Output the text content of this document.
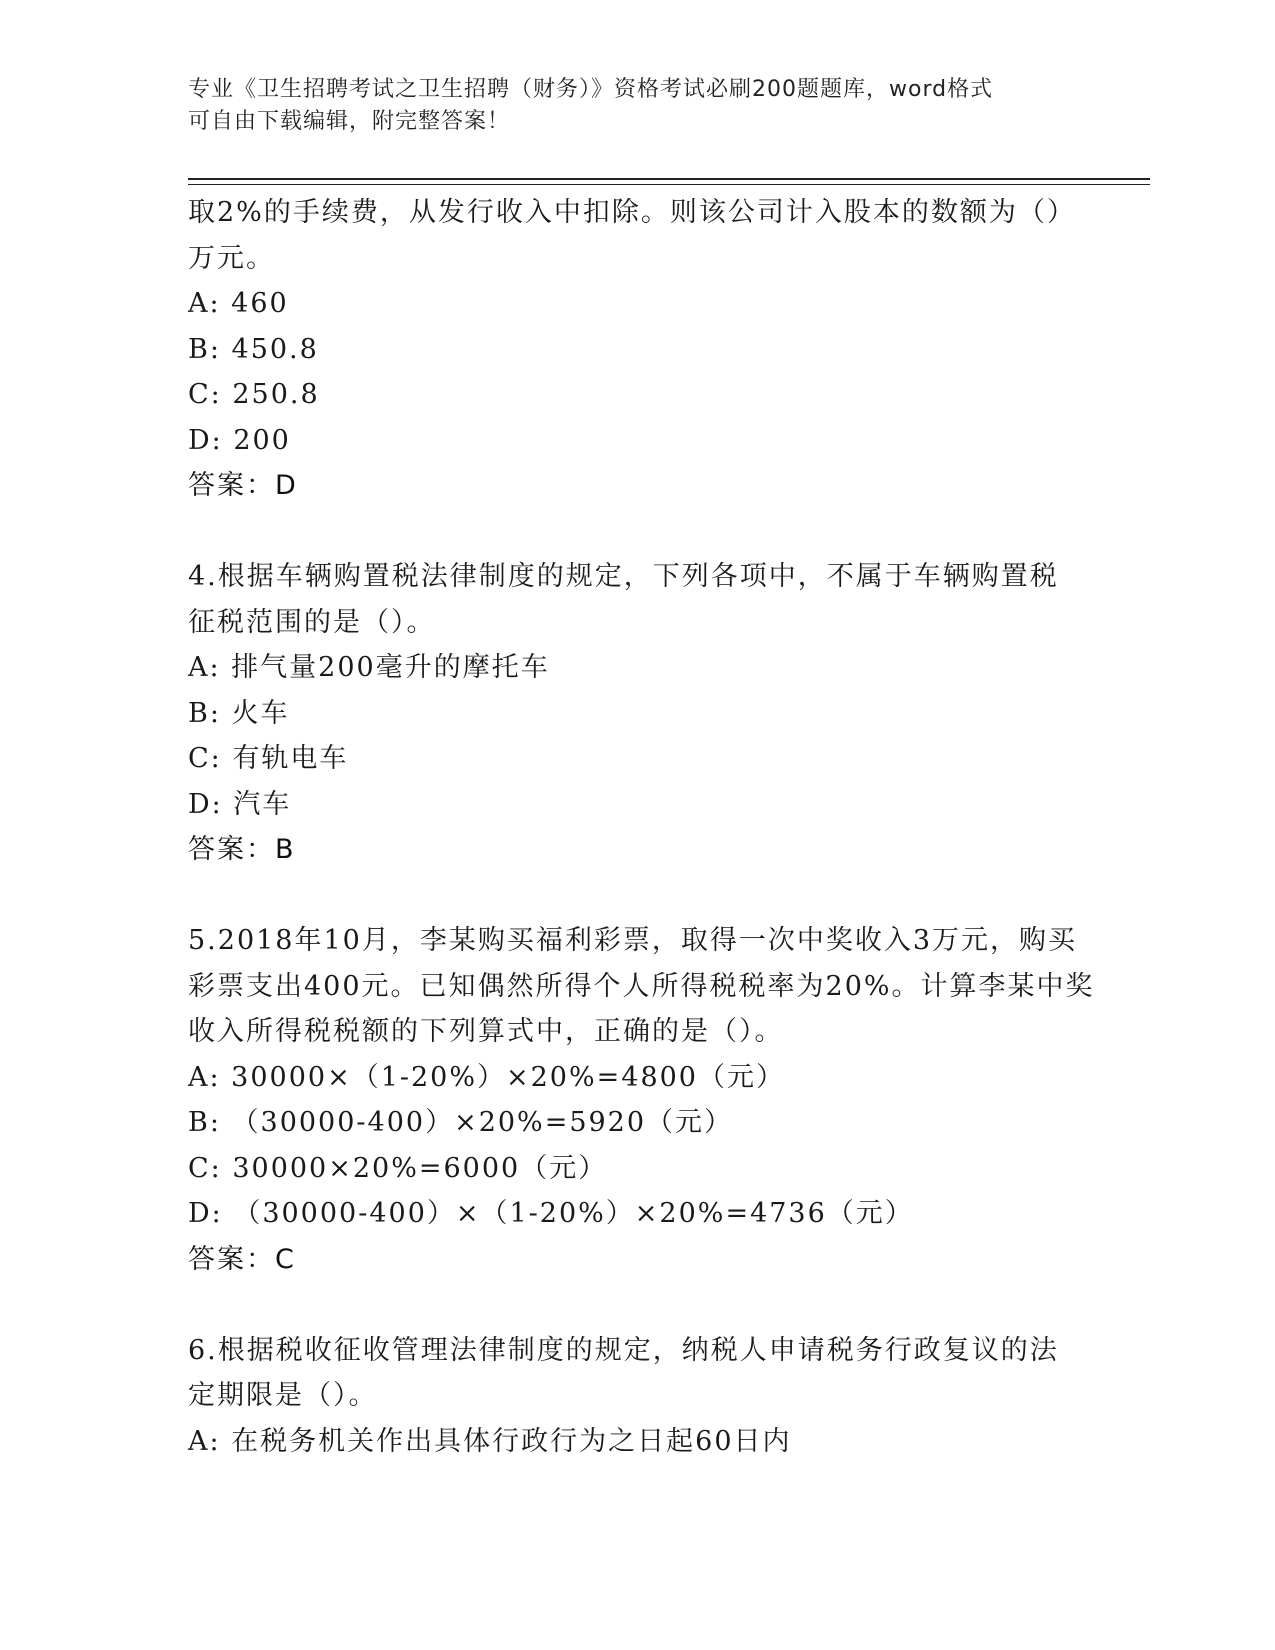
专业《卫生招聘考试之卫生招聘（财务）》资格考试必刷200题题库，word格式
可自由下载编辑，附完整答案！
取2%的手续费，从发行收入中扣除。则该公司计入股本的数额为（）
万元。
A: 460
B: 450.8
C: 250.8
D: 200
答案：D
4.根据车辆购置税法律制度的规定，下列各项中，不属于车辆购置税
征税范围的是（）。
A: 排气量200毫升的摩托车
B: 火车
C: 有轨电车
D: 汽车
答案：B
5.2018年10月，李某购买福利彩票，取得一次中奖收入3万元，购买
彩票支出400元。已知偶然所得个人所得税税率为20%。计算李某中奖
收入所得税税额的下列算式中，正确的是（）。
A: 30000×（1-20%）×20%=4800（元）
B: （30000-400）×20%=5920（元）
C: 30000×20%=6000（元）
D: （30000-400）×（1-20%）×20%=4736（元）
答案：C
6.根据税收征收管理法律制度的规定，纳税人申请税务行政复议的法
定期限是（）。
A: 在税务机关作出具体行政行为之日起60日内
